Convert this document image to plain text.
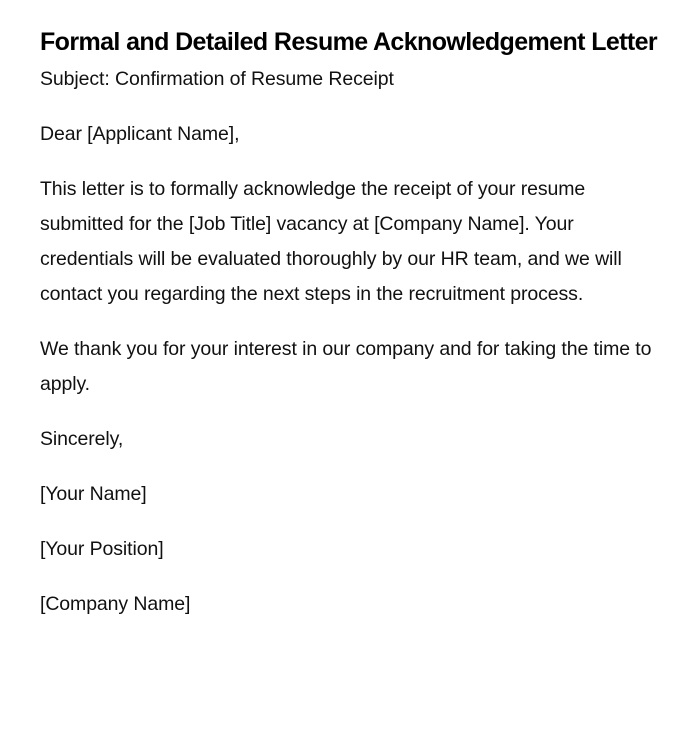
Formal and Detailed Resume Acknowledgement Letter

Subject: Confirmation of Resume Receipt

Dear [Applicant Name],

This letter is to formally acknowledge the receipt of your resume submitted for the [Job Title] vacancy at [Company Name]. Your credentials will be evaluated thoroughly by our HR team, and we will contact you regarding the next steps in the recruitment process.

We thank you for your interest in our company and for taking the time to apply.

Sincerely,

[Your Name]

[Your Position]

[Company Name]
